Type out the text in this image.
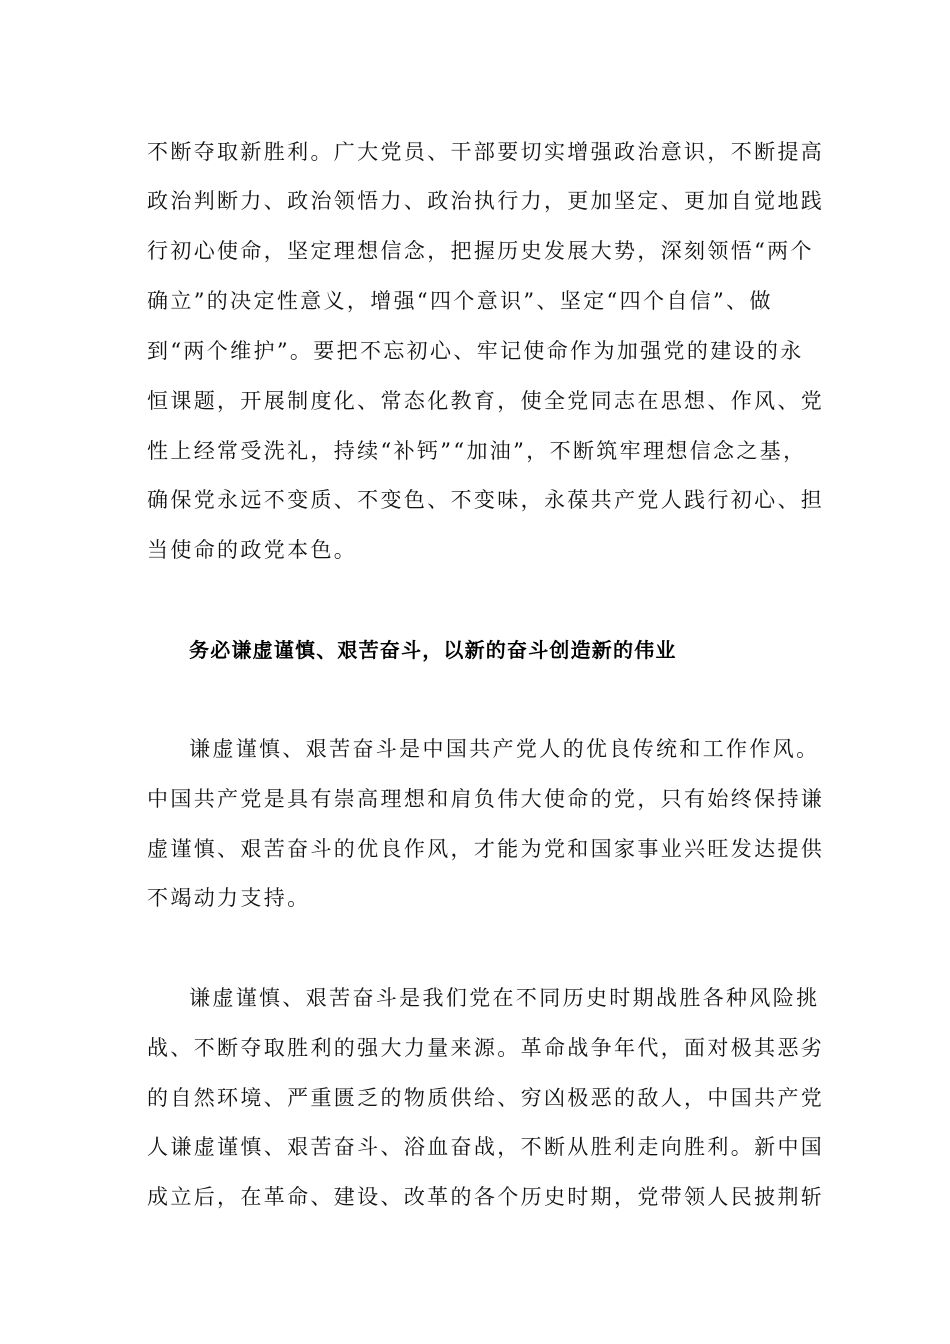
不断夺取新胜利。广大党员、干部要切实增强政治意识，不断提高
政治判断力、政治领悟力、政治执行力，更加坚定、更加自觉地践
行初心使命，坚定理想信念，把握历史发展大势，深刻领悟“两个
确立”的决定性意义，增强“四个意识”、坚定“四个自信”、做
到“两个维护”。要把不忘初心、牢记使命作为加强党的建设的永
恒课题，开展制度化、常态化教育，使全党同志在思想、作风、党
性上经常受洗礼，持续“补钙”“加油”，不断筑牢理想信念之基，
确保党永远不变质、不变色、不变味，永葆共产党人践行初心、担
当使命的政党本色。
务必谦虚谨慎、艰苦奋斗，以新的奋斗创造新的伟业
谦虚谨慎、艰苦奋斗是中国共产党人的优良传统和工作作风。
中国共产党是具有崇高理想和肩负伟大使命的党，只有始终保持谦
虚谨慎、艰苦奋斗的优良作风，才能为党和国家事业兴旺发达提供
不竭动力支持。
谦虚谨慎、艰苦奋斗是我们党在不同历史时期战胜各种风险挑
战、不断夺取胜利的强大力量来源。革命战争年代，面对极其恶劣
的自然环境、严重匮乏的物质供给、穷凶极恶的敌人，中国共产党
人谦虚谨慎、艰苦奋斗、浴血奋战，不断从胜利走向胜利。新中国
成立后，在革命、建设、改革的各个历史时期，党带领人民披荆斩
